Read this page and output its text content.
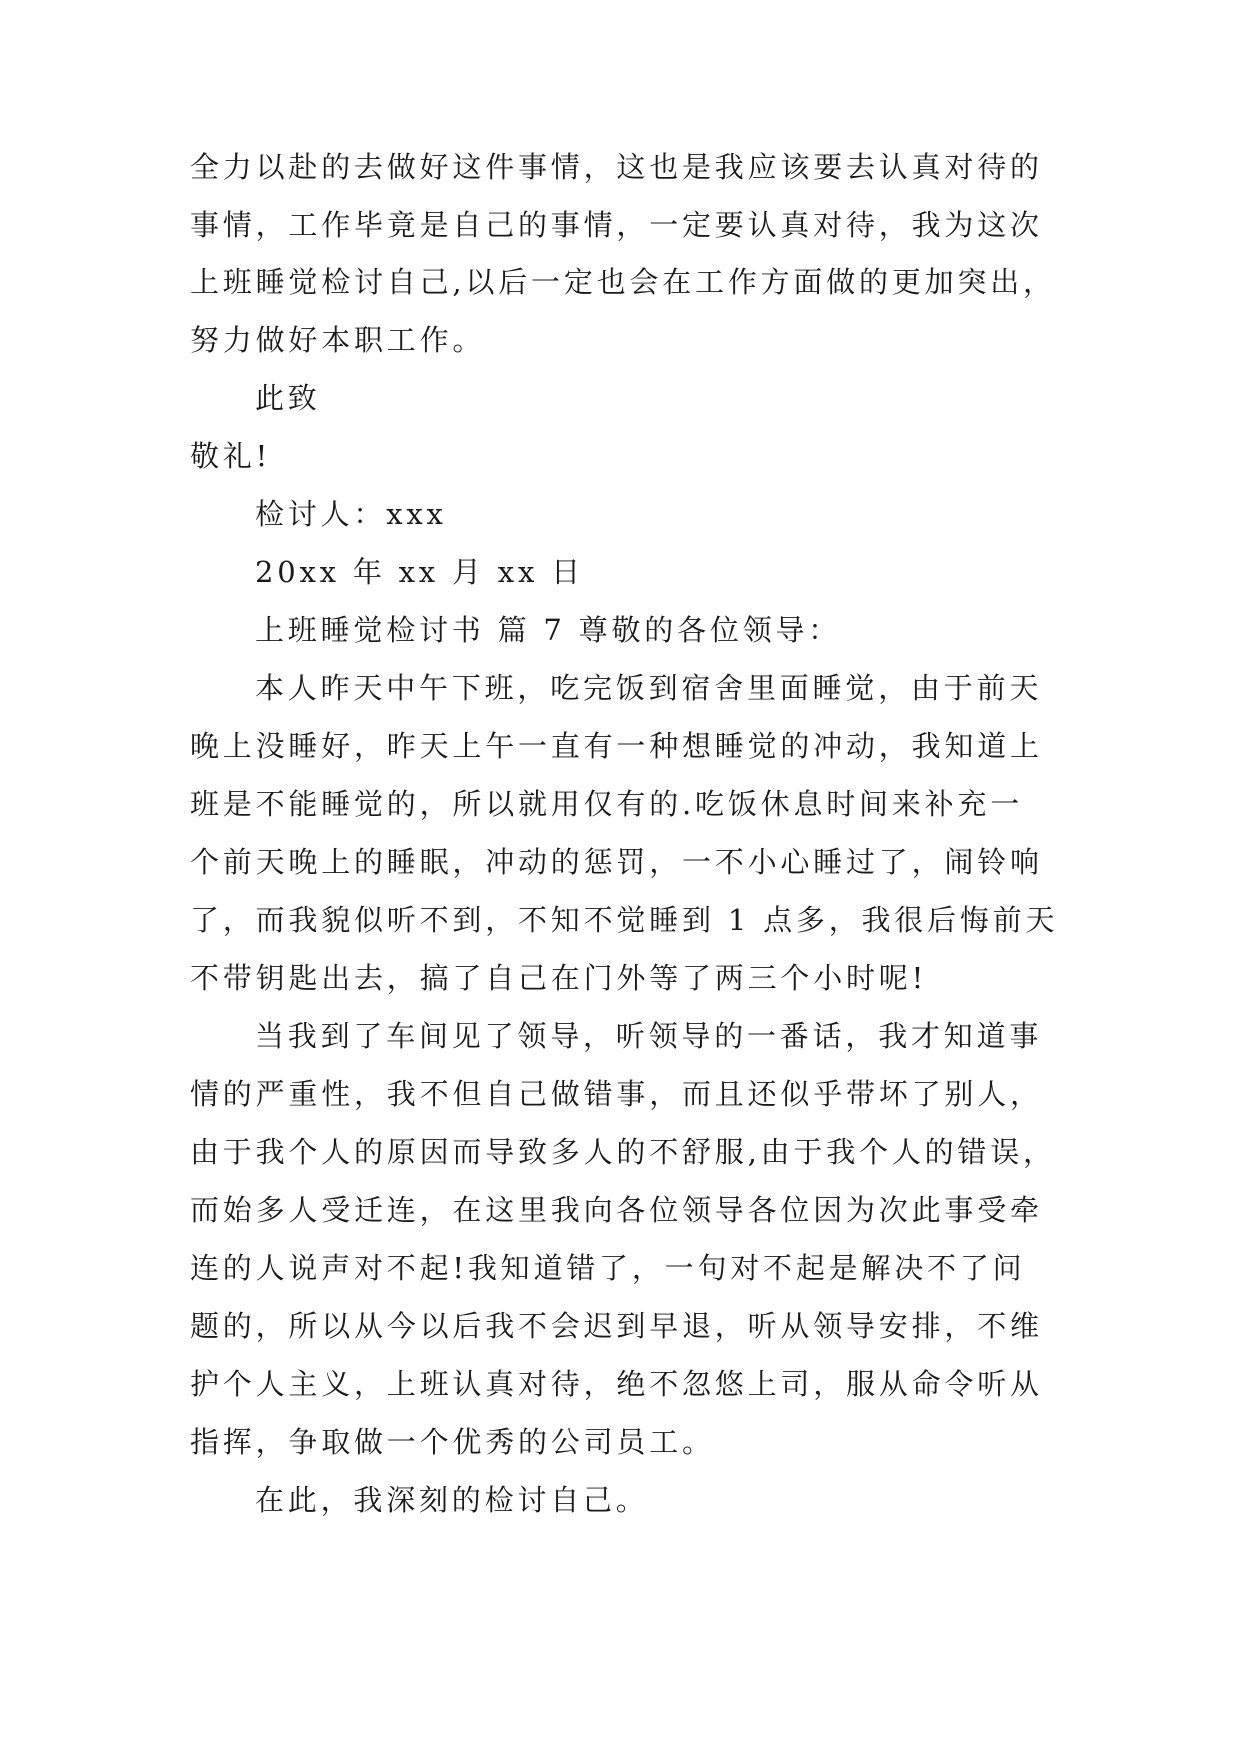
全力以赴的去做好这件事情，这也是我应该要去认真对待的
事情，工作毕竟是自己的事情，一定要认真对待，我为这次
上班睡觉检讨自己,以后一定也会在工作方面做的更加突出，
努力做好本职工作。
此致
敬礼!
检讨人：xxx
20xx 年 xx 月 xx 日
上班睡觉检讨书 篇 7 尊敬的各位领导：
本人昨天中午下班，吃完饭到宿舍里面睡觉，由于前天
晚上没睡好，昨天上午一直有一种想睡觉的冲动，我知道上
班是不能睡觉的，所以就用仅有的.吃饭休息时间来补充一
个前天晚上的睡眠，冲动的惩罚，一不小心睡过了，闹铃响
了，而我貌似听不到，不知不觉睡到 1 点多，我很后悔前天
不带钥匙出去，搞了自己在门外等了两三个小时呢!
当我到了车间见了领导，听领导的一番话，我才知道事
情的严重性，我不但自己做错事，而且还似乎带坏了别人，
由于我个人的原因而导致多人的不舒服,由于我个人的错误，
而始多人受迁连，在这里我向各位领导各位因为次此事受牵
连的人说声对不起!我知道错了，一句对不起是解决不了问
题的，所以从今以后我不会迟到早退，听从领导安排，不维
护个人主义，上班认真对待，绝不忽悠上司，服从命令听从
指挥，争取做一个优秀的公司员工。
在此，我深刻的检讨自己。
